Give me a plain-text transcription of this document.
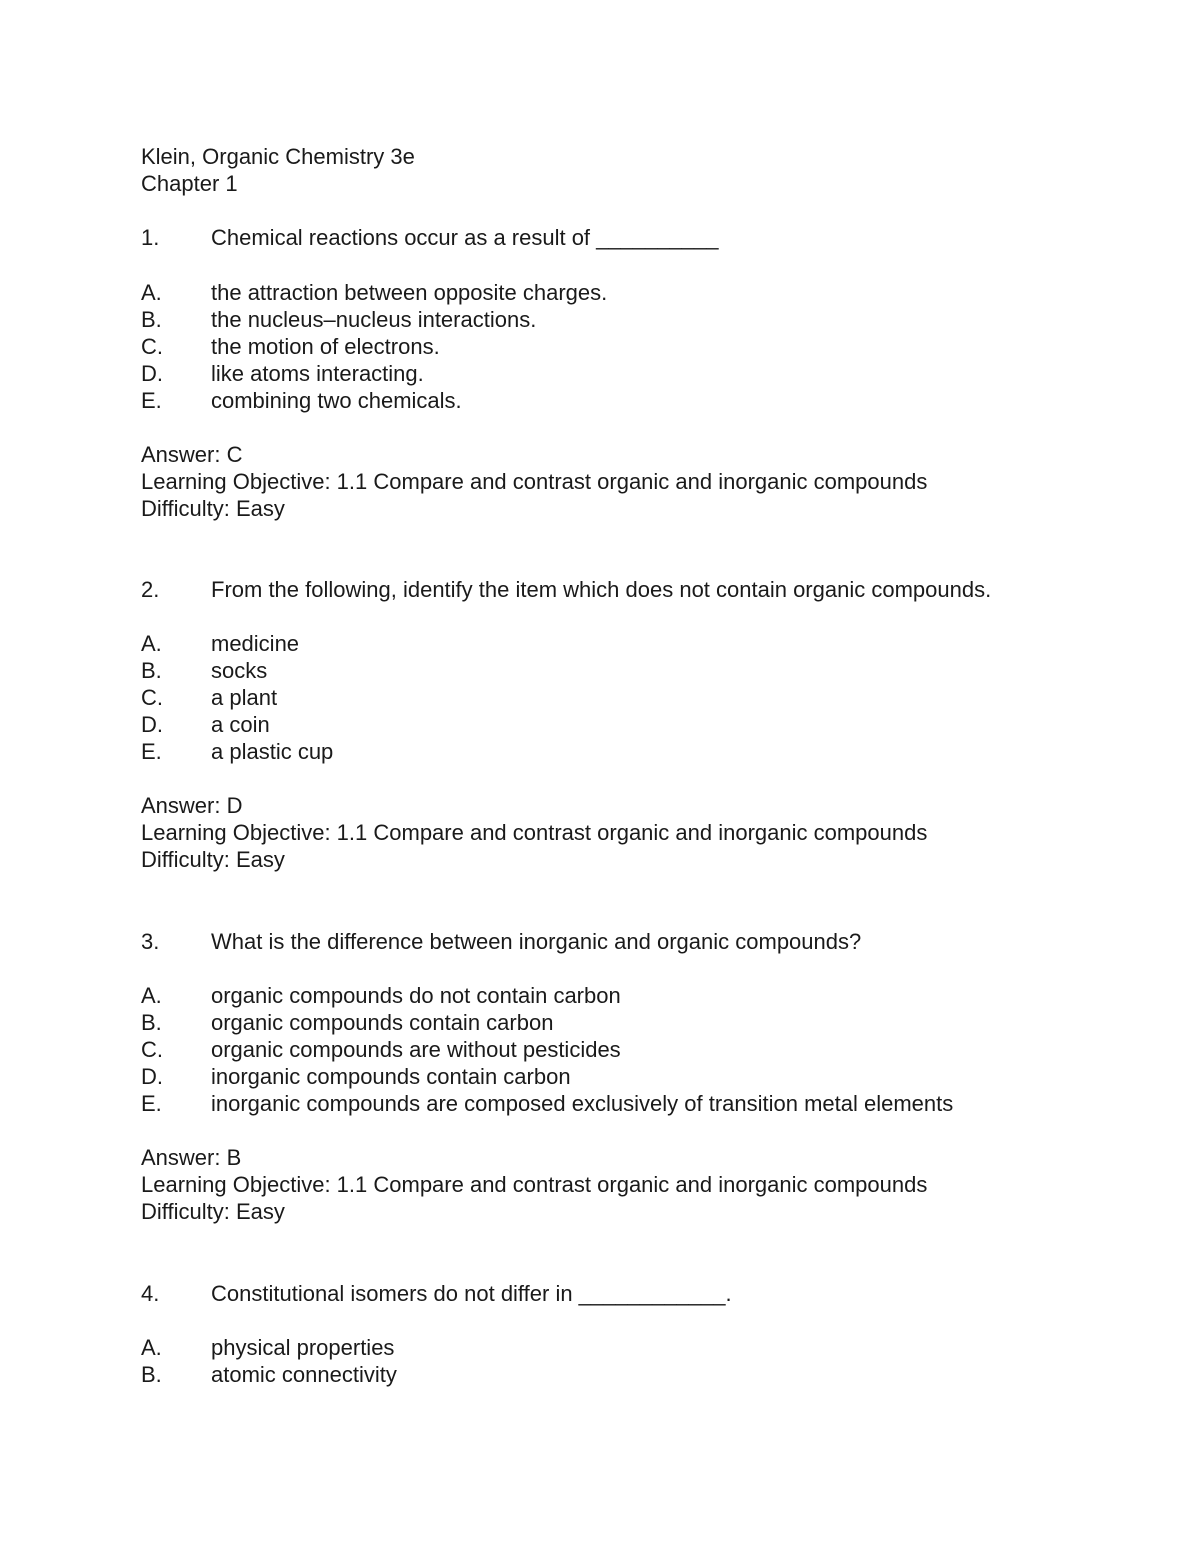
Klein, Organic Chemistry 3e
Chapter 1
1. Chemical reactions occur as a result of __________
A. the attraction between opposite charges.
B. the nucleus–nucleus interactions.
C. the motion of electrons.
D. like atoms interacting.
E. combining two chemicals.
Answer: C
Learning Objective: 1.1 Compare and contrast organic and inorganic compounds
Difficulty: Easy
2. From the following, identify the item which does not contain organic compounds.
A. medicine
B. socks
C. a plant
D. a coin
E. a plastic cup
Answer: D
Learning Objective: 1.1 Compare and contrast organic and inorganic compounds
Difficulty: Easy
3. What is the difference between inorganic and organic compounds?
A. organic compounds do not contain carbon
B. organic compounds contain carbon
C. organic compounds are without pesticides
D. inorganic compounds contain carbon
E. inorganic compounds are composed exclusively of transition metal elements
Answer: B
Learning Objective: 1.1 Compare and contrast organic and inorganic compounds
Difficulty: Easy
4. Constitutional isomers do not differ in ____________.
A. physical properties
B. atomic connectivity
